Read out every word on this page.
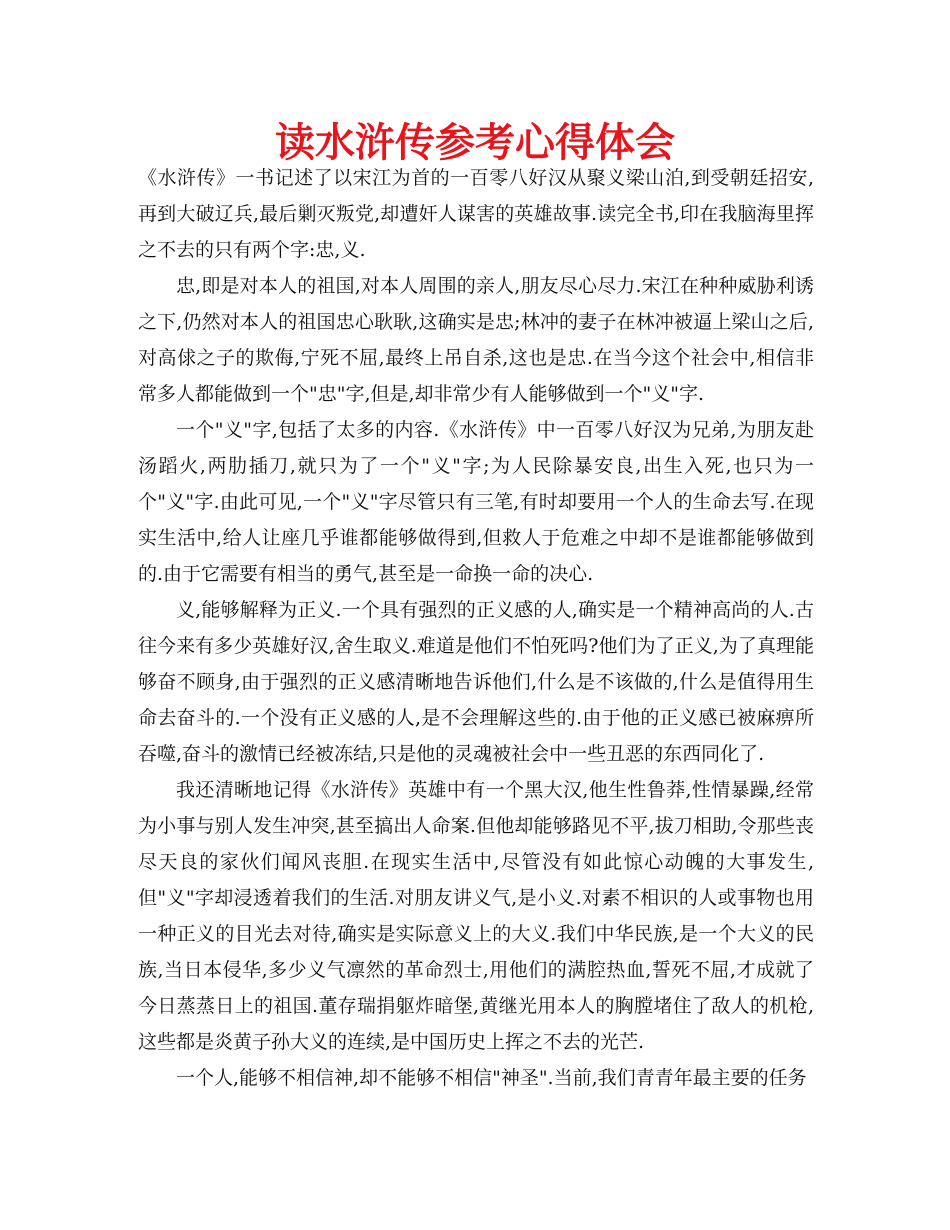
读水浒传参考心得体会

《水浒传》一书记述了以宋江为首的一百零八好汉从聚义梁山泊,到受朝廷招安,再到大破辽兵,最后剿灭叛党,却遭奸人谋害的英雄故事.读完全书,印在我脑海里挥之不去的只有两个字:忠,义.

忠,即是对本人的祖国,对本人周围的亲人,朋友尽心尽力.宋江在种种威胁利诱之下,仍然对本人的祖国忠心耿耿,这确实是忠;林冲的妻子在林冲被逼上梁山之后,对高俅之子的欺侮,宁死不屈,最终上吊自杀,这也是忠.在当今这个社会中,相信非常多人都能做到一个"忠"字,但是,却非常少有人能够做到一个"义"字.

一个"义"字,包括了太多的内容.《水浒传》中一百零八好汉为兄弟,为朋友赴汤蹈火,两肋插刀,就只为了一个"义"字;为人民除暴安良,出生入死,也只为一个"义"字.由此可见,一个"义"字尽管只有三笔,有时却要用一个人的生命去写.在现实生活中,给人让座几乎谁都能够做得到,但救人于危难之中却不是谁都能够做到的.由于它需要有相当的勇气,甚至是一命换一命的决心.

义,能够解释为正义.一个具有强烈的正义感的人,确实是一个精神高尚的人.古往今来有多少英雄好汉,舍生取义.难道是他们不怕死吗?他们为了正义,为了真理能够奋不顾身,由于强烈的正义感清晰地告诉他们,什么是不该做的,什么是值得用生命去奋斗的.一个没有正义感的人,是不会理解这些的.由于他的正义感已被麻痹所吞噬,奋斗的激情已经被冻结,只是他的灵魂被社会中一些丑恶的东西同化了.

我还清晰地记得《水浒传》英雄中有一个黑大汉,他生性鲁莽,性情暴躁,经常为小事与别人发生冲突,甚至搞出人命案.但他却能够路见不平,拔刀相助,令那些丧尽天良的家伙们闻风丧胆.在现实生活中,尽管没有如此惊心动魄的大事发生,但"义"字却浸透着我们的生活.对朋友讲义气,是小义.对素不相识的人或事物也用一种正义的目光去对待,确实是实际意义上的大义.我们中华民族,是一个大义的民族,当日本侵华,多少义气凛然的革命烈士,用他们的满腔热血,誓死不屈,才成就了今日蒸蒸日上的祖国.董存瑞捐躯炸暗堡,黄继光用本人的胸膛堵住了敌人的机枪,这些都是炎黄子孙大义的连续,是中国历史上挥之不去的光芒.

一个人,能够不相信神,却不能够不相信"神圣".当前,我们青青年最主要的任务
